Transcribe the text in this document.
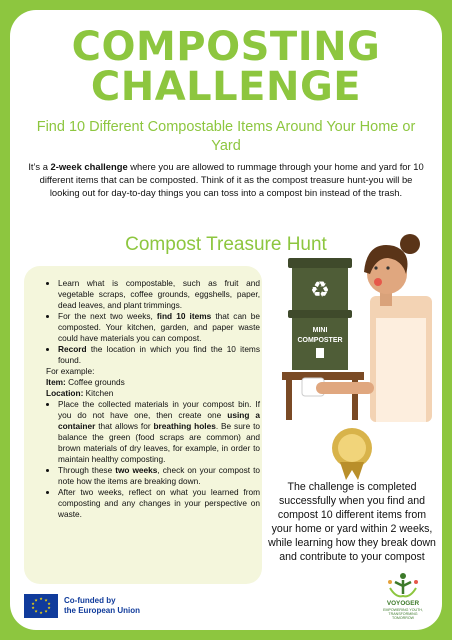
COMPOSTING
CHALLENGE
Find 10 Different Compostable Items Around Your Home or Yard
It’s a 2-week challenge where you are allowed to rummage through your home and yard for 10 different items that can be composted. Think of it as the compost treasure hunt-you will be looking out for day-to-day things you can toss into a compost bin instead of the trash.
Compost Treasure Hunt
• Learn what is compostable, such as fruit and vegetable scraps, coffee grounds, eggshells, paper, dead leaves, and plant trimmings.
• For the next two weeks, find 10 items that can be composted. Your kitchen, garden, and paper waste could have materials you can compost.
• Record the location in which you find the 10 items found.

For example:

Item: Coffee grounds

Location: Kitchen

• Place the collected materials in your compost bin. If you do not have one, then create one using a container that allows for breathing holes. Be sure to balance the green (food scraps are common) and brown materials of dry leaves, for example, in order to maintain healthy composting.
• Through these two weeks, check on your compost to note how the items are breaking down.
• After two weeks, reflect on what you learned from composting and any changes in your perspective on waste.
♻
MINI
COMPOSTER
The challenge is completed successfully when you find and compost 10 different items from your home or yard within 2 weeks, while learning how they break down and contribute to your compost
★ ★
★
★
★
★
★
★
★
★	Co-funded by
the European Union
VOYOGER
EMPOWERING YOUTH,
TRANSFORMING
TOMORROW
